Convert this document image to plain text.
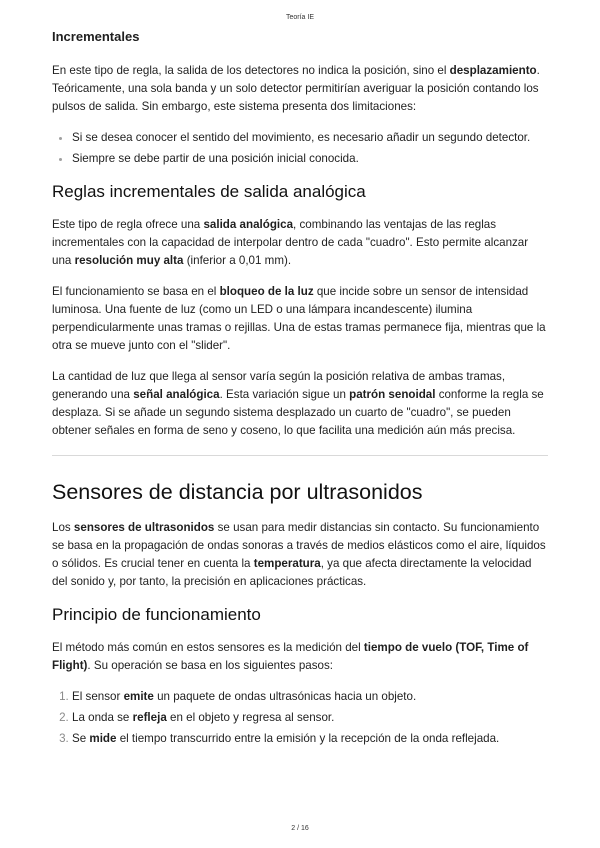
Teoría IE
Incrementales

En este tipo de regla, la salida de los detectores no indica la posición, sino el desplazamiento. Teóricamente, una sola banda y un solo detector permitirían averiguar la posición contando los pulsos de salida. Sin embargo, este sistema presenta dos limitaciones:

• Si se desea conocer el sentido del movimiento, es necesario añadir un segundo detector.
• Siempre se debe partir de una posición inicial conocida.
Reglas incrementales de salida analógica

Este tipo de regla ofrece una salida analógica, combinando las ventajas de las reglas incrementales con la capacidad de interpolar dentro de cada "cuadro". Esto permite alcanzar una resolución muy alta (inferior a 0,01 mm).

El funcionamiento se basa en el bloqueo de la luz que incide sobre un sensor de intensidad luminosa. Una fuente de luz (como un LED o una lámpara incandescente) ilumina perpendicularmente unas tramas o rejillas. Una de estas tramas permanece fija, mientras que la otra se mueve junto con el "slider".

La cantidad de luz que llega al sensor varía según la posición relativa de ambas tramas, generando una señal analógica. Esta variación sigue un patrón senoidal conforme la regla se desplaza. Si se añade un segundo sistema desplazado un cuarto de "cuadro", se pueden obtener señales en forma de seno y coseno, lo que facilita una medición aún más precisa.

Sensores de distancia por ultrasonidos

Los sensores de ultrasonidos se usan para medir distancias sin contacto. Su funcionamiento se basa en la propagación de ondas sonoras a través de medios elásticos como el aire, líquidos o sólidos. Es crucial tener en cuenta la temperatura, ya que afecta directamente la velocidad del sonido y, por tanto, la precisión en aplicaciones prácticas.

Principio de funcionamiento

El método más común en estos sensores es la medición del tiempo de vuelo (TOF, Time of Flight). Su operación se basa en los siguientes pasos:

1. El sensor emite un paquete de ondas ultrasónicas hacia un objeto.
2. La onda se refleja en el objeto y regresa al sensor.
3. Se mide el tiempo transcurrido entre la emisión y la recepción de la onda reflejada.
2 / 16
